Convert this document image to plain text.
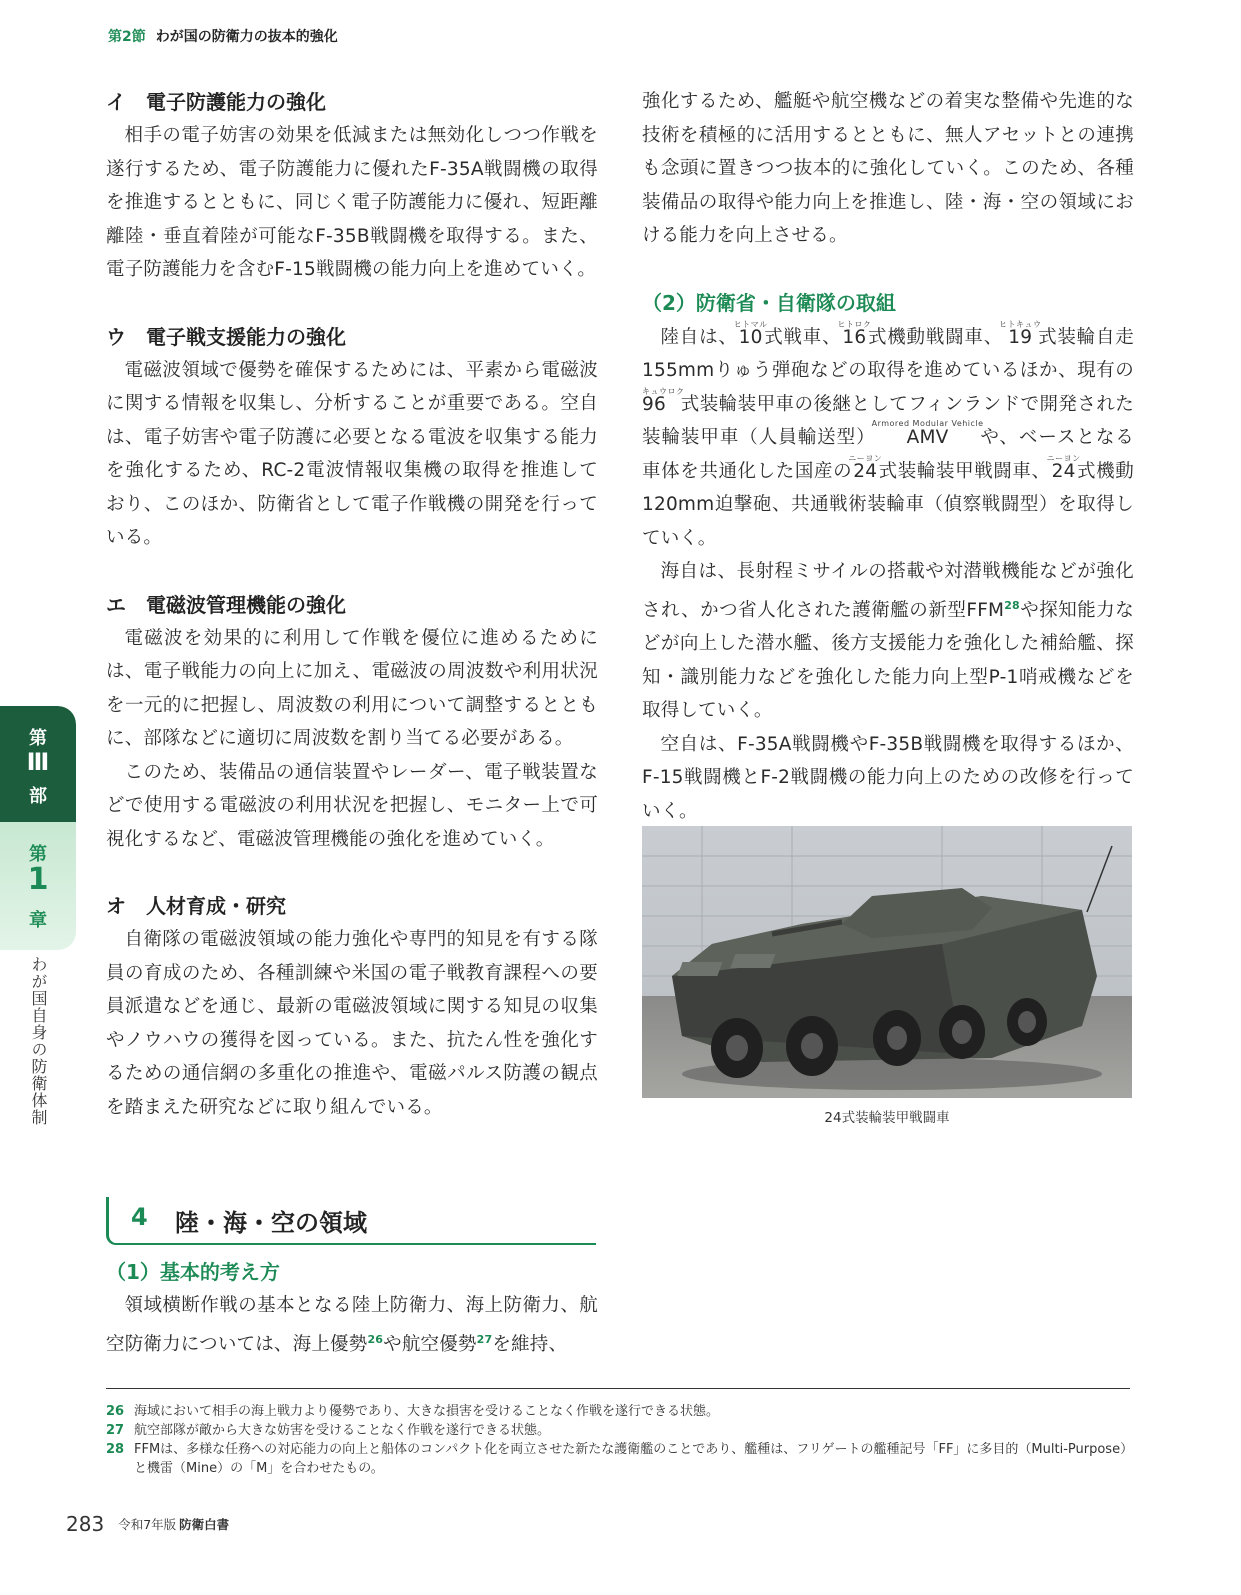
第2節 わが国の防衛力の抜本的強化

イ　電子防護能力の強化

相手の電子妨害の効果を低減または無効化しつつ作戦を遂行するため、電子防護能力に優れたF-35A戦闘機の取得を推進するとともに、同じく電子防護能力に優れ、短距離離陸・垂直着陸が可能なF-35B戦闘機を取得する。また、電子防護能力を含むF-15戦闘機の能力向上を進めていく。

ウ　電子戦支援能力の強化

電磁波領域で優勢を確保するためには、平素から電磁波に関する情報を収集し、分析することが重要である。空自は、電子妨害や電子防護に必要となる電波を収集する能力を強化するため、RC-2電波情報収集機の取得を推進しており、このほか、防衛省として電子作戦機の開発を行っている。

エ　電磁波管理機能の強化

電磁波を効果的に利用して作戦を優位に進めるためには、電子戦能力の向上に加え、電磁波の周波数や利用状況を一元的に把握し、周波数の利用について調整するとともに、部隊などに適切に周波数を割り当てる必要がある。

このため、装備品の通信装置やレーダー、電子戦装置などで使用する電磁波の利用状況を把握し、モニター上で可視化するなど、電磁波管理機能の強化を進めていく。

オ　人材育成・研究

自衛隊の電磁波領域の能力強化や専門的知見を有する隊員の育成のため、各種訓練や米国の電子戦教育課程への要員派遣などを通じ、最新の電磁波領域に関する知見の収集やノウハウの獲得を図っている。また、抗たん性を強化するための通信網の多重化の推進や、電磁パルス防護の観点を踏まえた研究などに取り組んでいる。

4 陸・海・空の領域

（1）基本的考え方

領域横断作戦の基本となる陸上防衛力、海上防衛力、航空防衛力については、海上優勢$^{26}$や航空優勢$^{27}$を維持、

強化するため、艦艇や航空機などの着実な整備や先進的な技術を積極的に活用するとともに、無人アセットとの連携も念頭に置きつつ抜本的に強化していく。このため、各種装備品の取得や能力向上を推進し、陸・海・空の領域における能力を向上させる。

（2）防衛省・自衛隊の取組

陸自は、10ヒトマル式戦車、16ヒトロク式機動戦闘車、19ヒトキュウ式装輪自走155mmりゅう弾砲などの取得を進めているほか、現有の96キュウロク式装輪装甲車の後継としてフィンランドで開発された装輪装甲車（人員輸送型）AMVArmored Modular Vehicleや、ベースとなる車体を共通化した国産の24ニーヨン式装輪装甲戦闘車、24ニーヨン式機動120mm迫撃砲、共通戦術装輪車（偵察戦闘型）を取得していく。

海自は、長射程ミサイルの搭載や対潜戦機能などが強化され、かつ省人化された護衛艦の新型FFM$^{28}$や探知能力などが向上した潜水艦、後方支援能力を強化した補給艦、探知・識別能力などを強化した能力向上型P-1哨戒機などを取得していく。

空自は、F-35A戦闘機やF-35B戦闘機を取得するほか、F-15戦闘機とF-2戦闘機の能力向上のための改修を行っていく。

24式装輪装甲戦闘車
第
Ⅲ
部
第
1
章
わが国自身の防衛体制
26 海域において相手の海上戦力より優勢であり、大きな損害を受けることなく作戦を遂行できる状態。
27 航空部隊が敵から大きな妨害を受けることなく作戦を遂行できる状態。
28 FFMは、多様な任務への対応能力の向上と船体のコンパクト化を両立させた新たな護衛艦のことであり、艦種は、フリゲートの艦種記号「FF」に多目的（Multi-Purpose）と機雷（Mine）の「M」を合わせたもの。
283 令和7年版 防衛白書
